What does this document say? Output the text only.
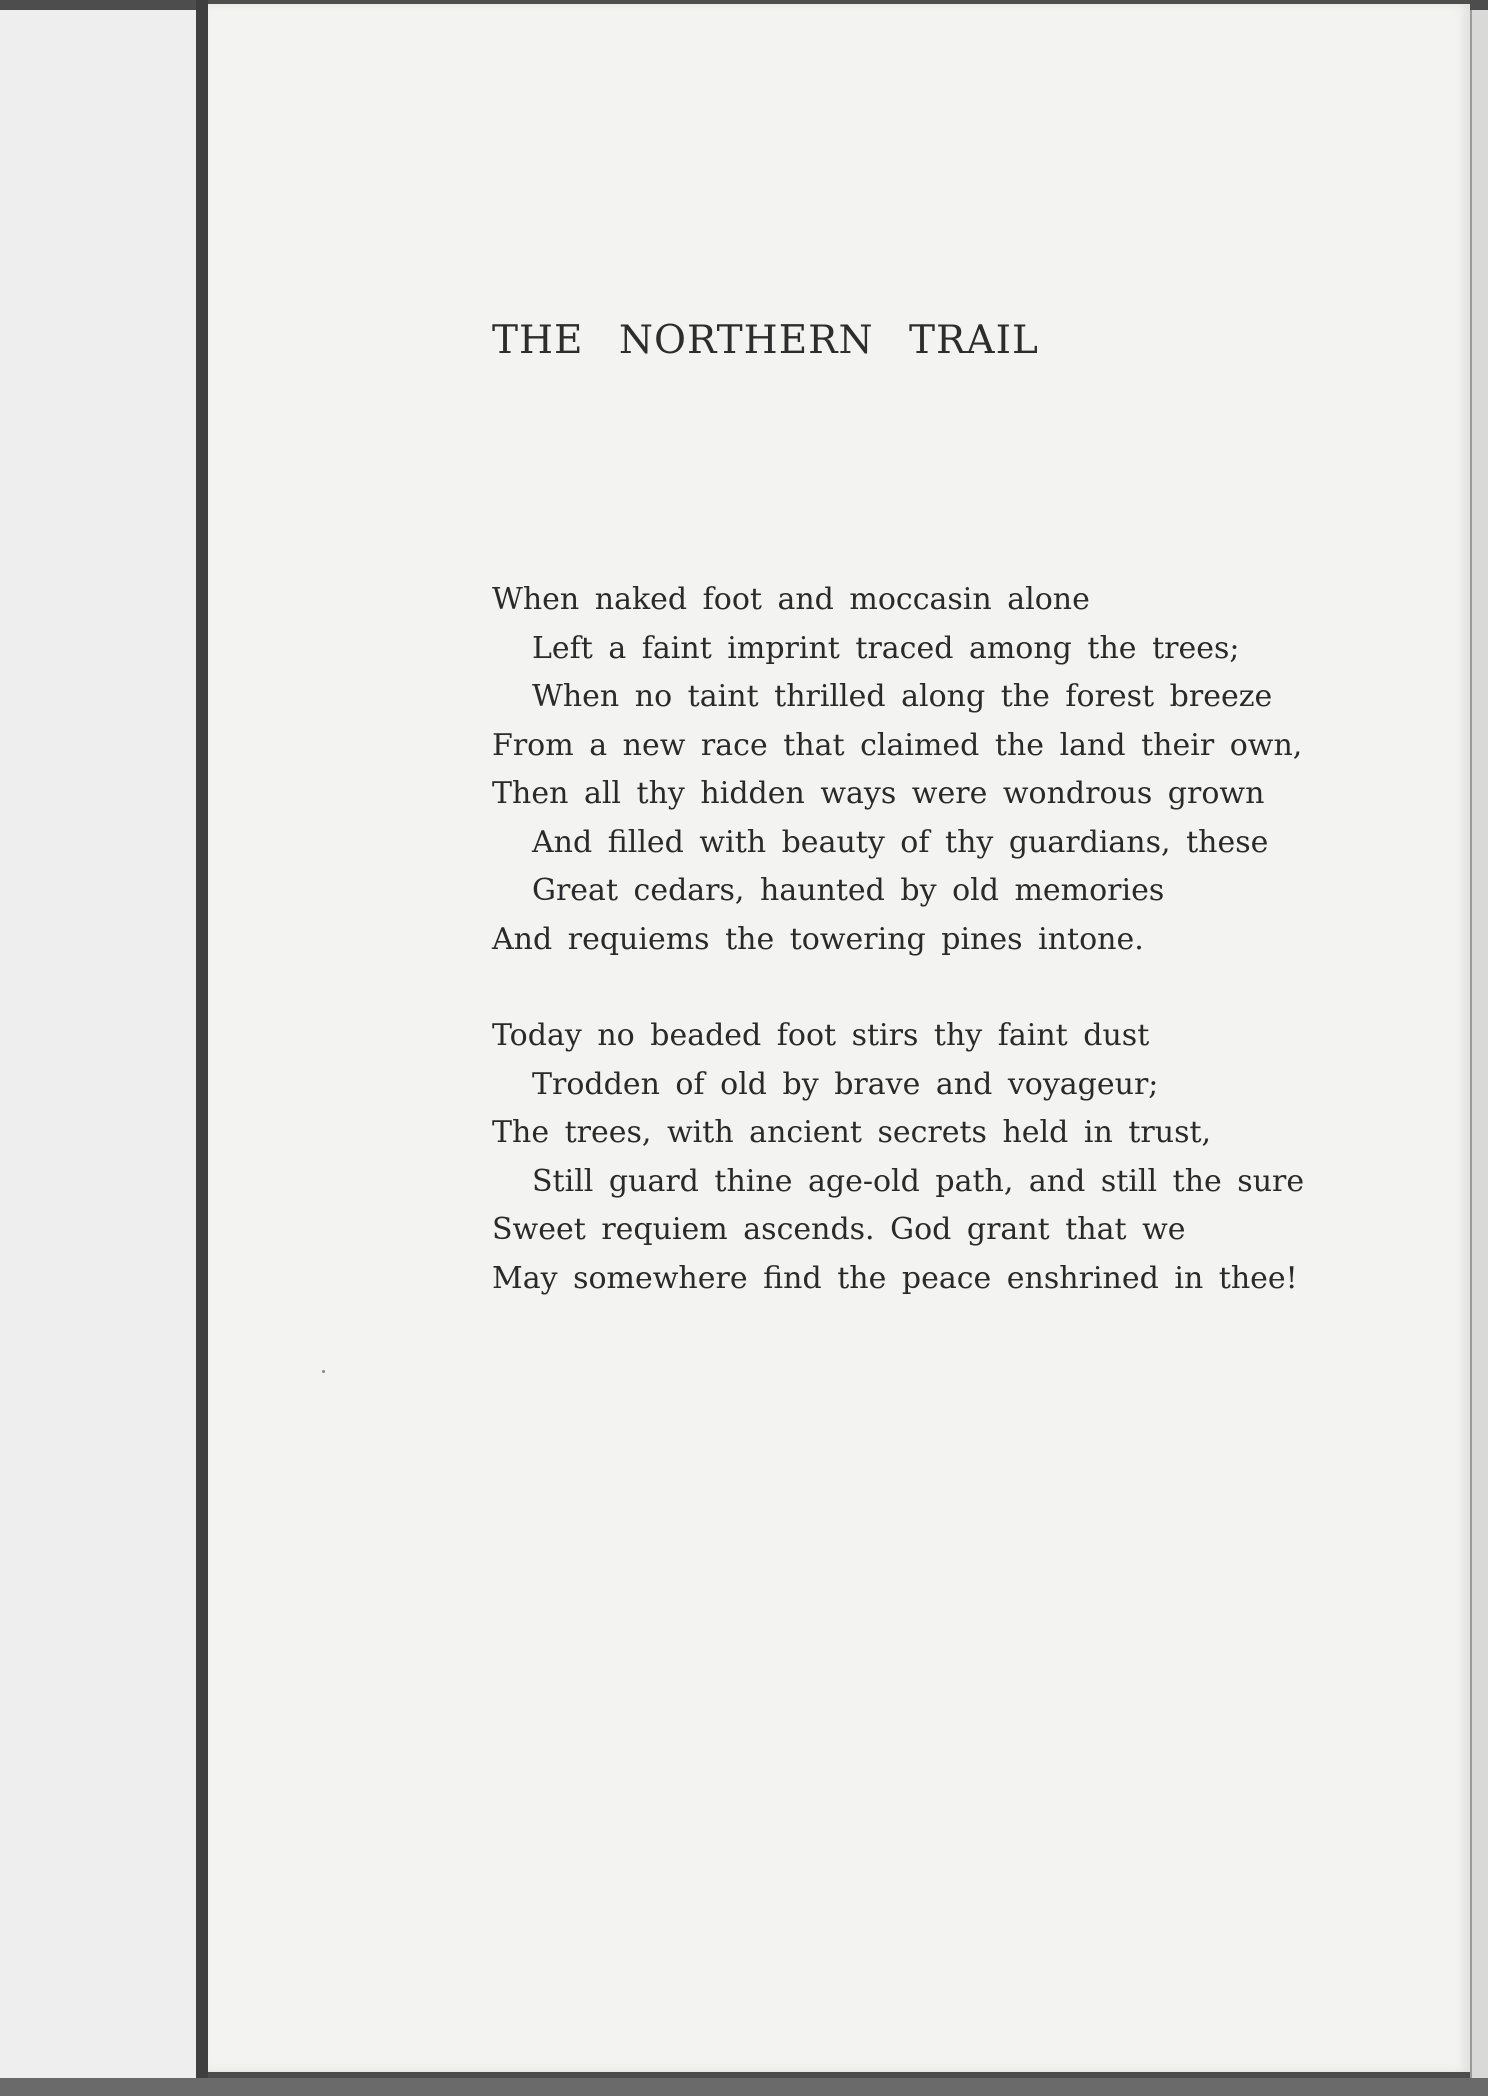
THE NORTHERN TRAIL
When naked foot and moccasin alone
Left a faint imprint traced among the trees;
When no taint thrilled along the forest breeze
From a new race that claimed the land their own,
Then all thy hidden ways were wondrous grown
And filled with beauty of thy guardians, these
Great cedars, haunted by old memories
And requiems the towering pines intone.
Today no beaded foot stirs thy faint dust
Trodden of old by brave and voyageur;
The trees, with ancient secrets held in trust,
Still guard thine age-old path, and still the sure
Sweet requiem ascends. God grant that we
May somewhere find the peace enshrined in thee!
